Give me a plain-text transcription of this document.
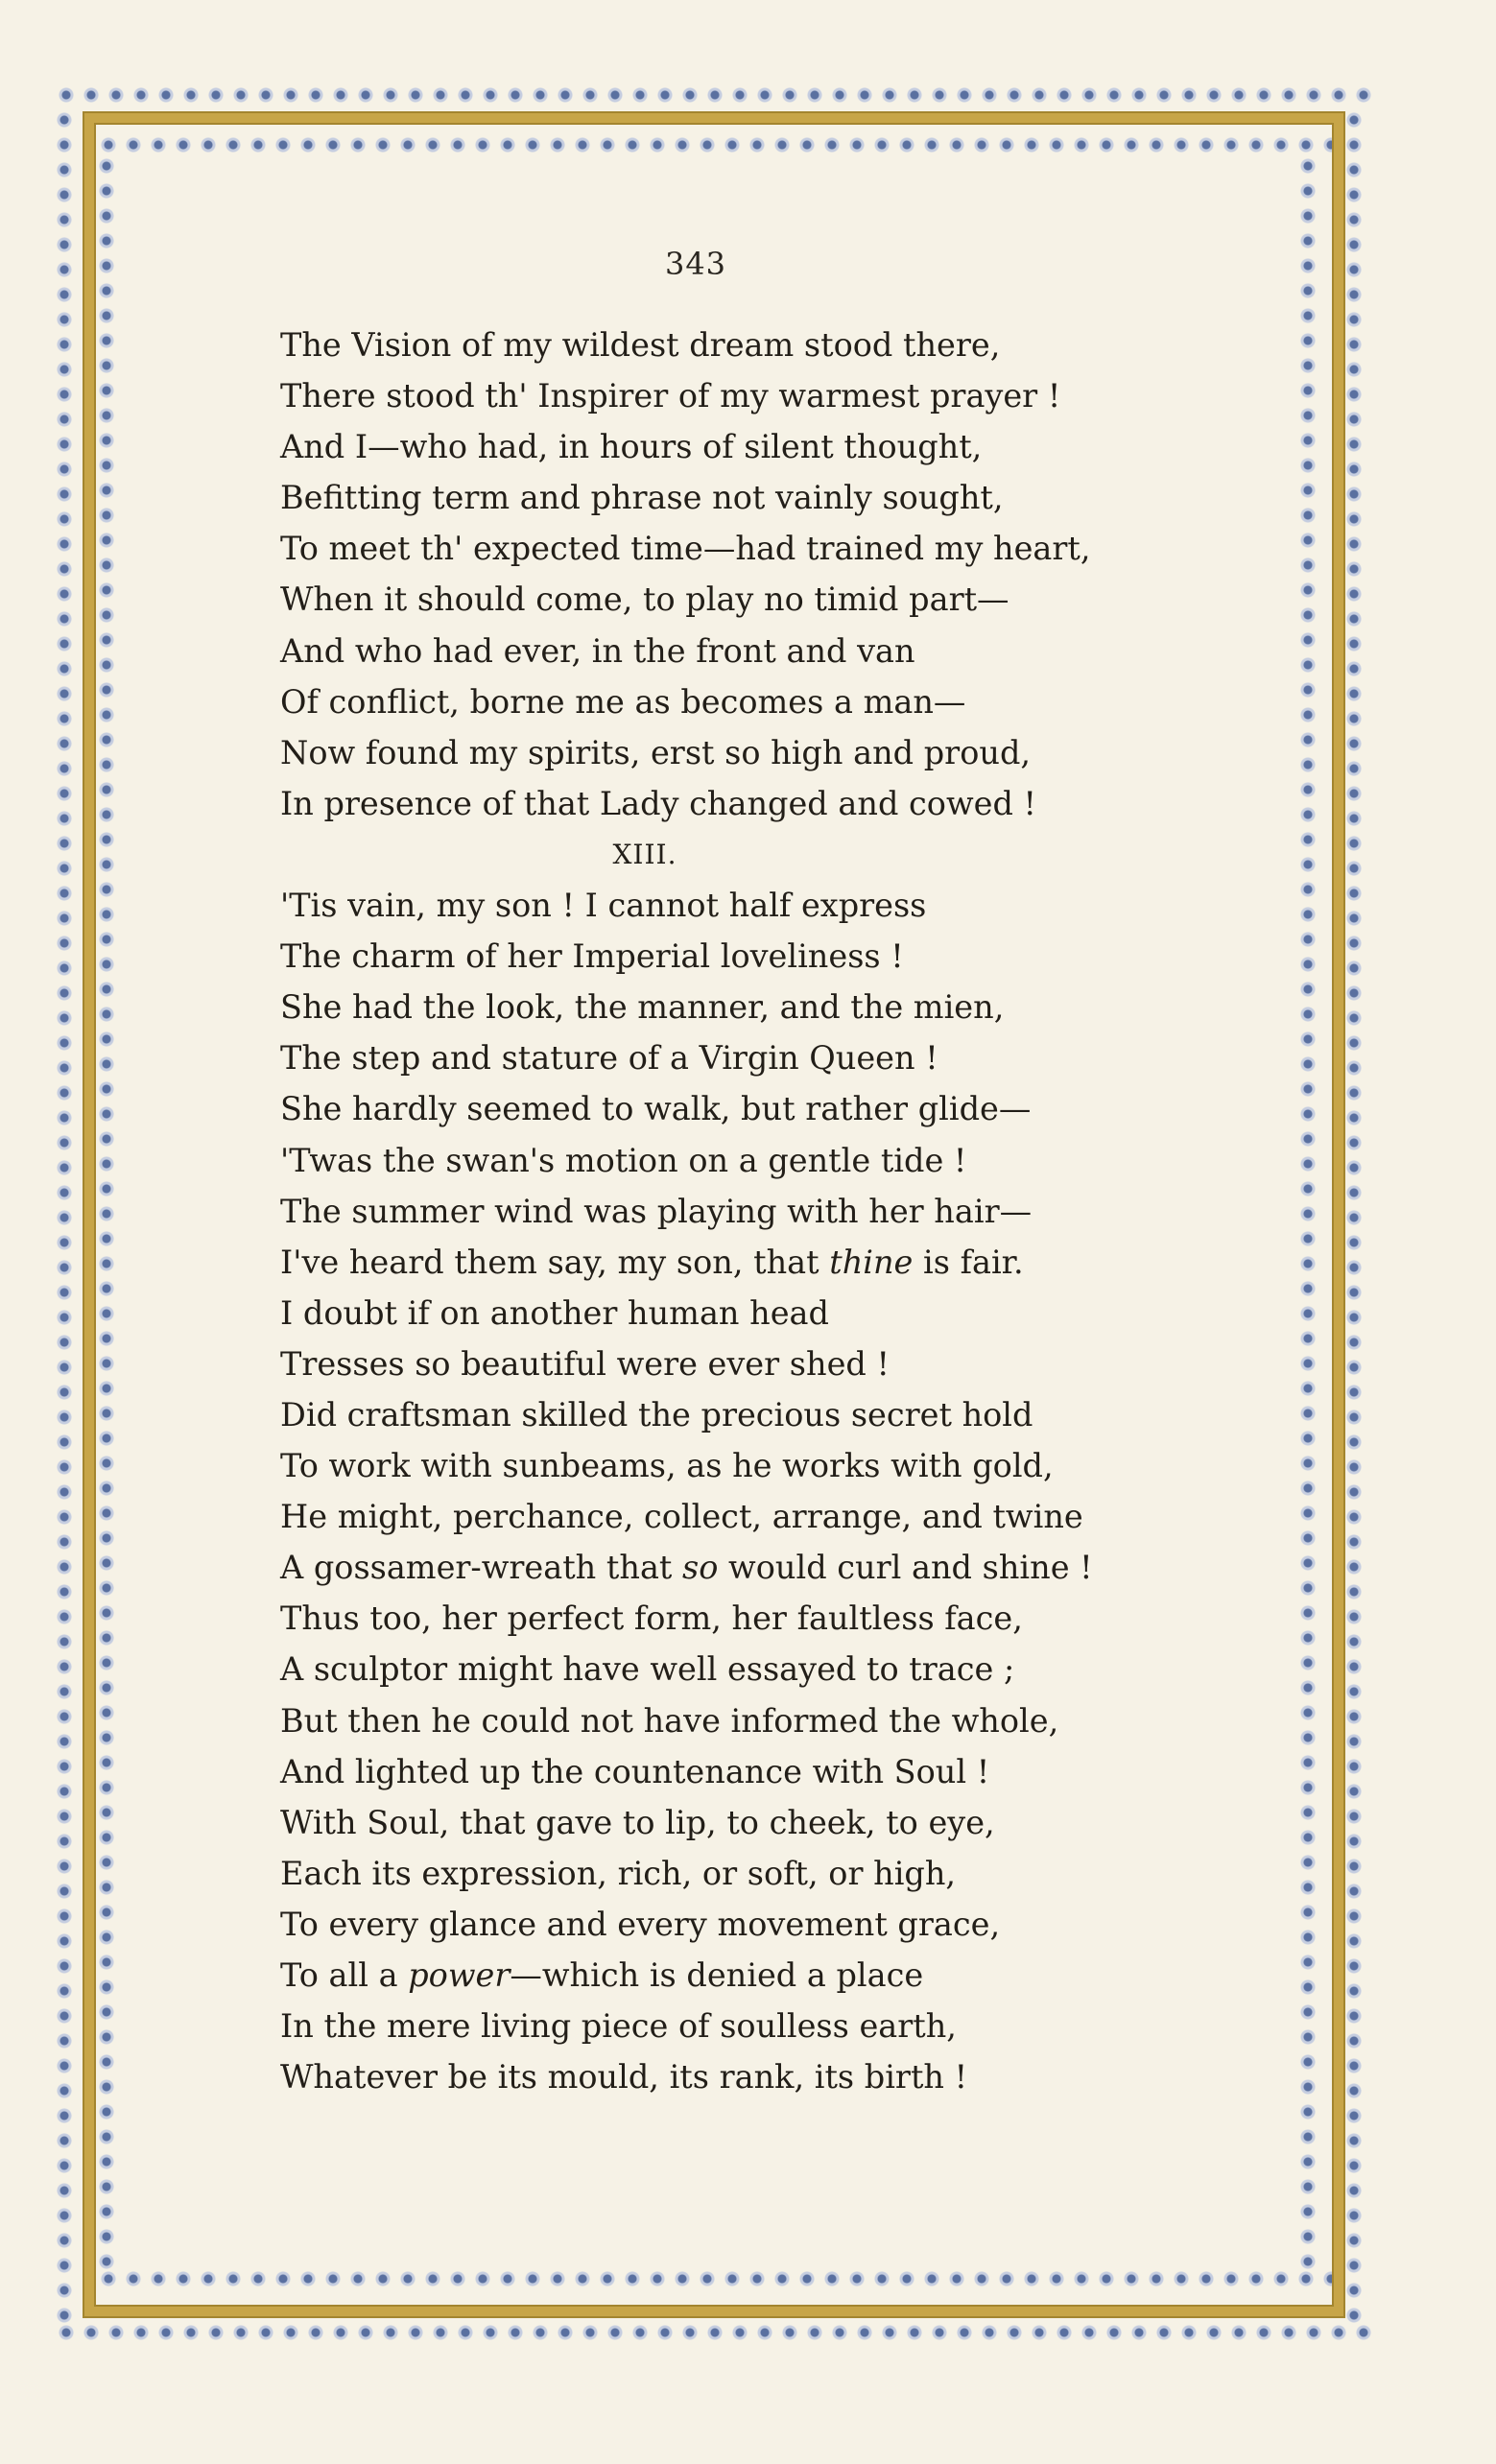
343
The Vision of my wildest dream stood there,
There stood th' Inspirer of my warmest prayer !
And I—who had, in hours of silent thought,
Befitting term and phrase not vainly sought,
To meet th' expected time—had trained my heart,
When it should come, to play no timid part—
And who had ever, in the front and van
Of conflict, borne me as becomes a man—
Now found my spirits, erst so high and proud,
In presence of that Lady changed and cowed !
XIII.
'Tis vain, my son ! I cannot half express
The charm of her Imperial loveliness !
She had the look, the manner, and the mien,
The step and stature of a Virgin Queen !
She hardly seemed to walk, but rather glide—
'Twas the swan's motion on a gentle tide !
The summer wind was playing with her hair—
I've heard them say, my son, that thine is fair.
I doubt if on another human head
Tresses so beautiful were ever shed !
Did craftsman skilled the precious secret hold
To work with sunbeams, as he works with gold,
He might, perchance, collect, arrange, and twine
A gossamer-wreath that so would curl and shine !
Thus too, her perfect form, her faultless face,
A sculptor might have well essayed to trace ;
But then he could not have informed the whole,
And lighted up the countenance with Soul !
With Soul, that gave to lip, to cheek, to eye,
Each its expression, rich, or soft, or high,
To every glance and every movement grace,
To all a power—which is denied a place
In the mere living piece of soulless earth,
Whatever be its mould, its rank, its birth !
